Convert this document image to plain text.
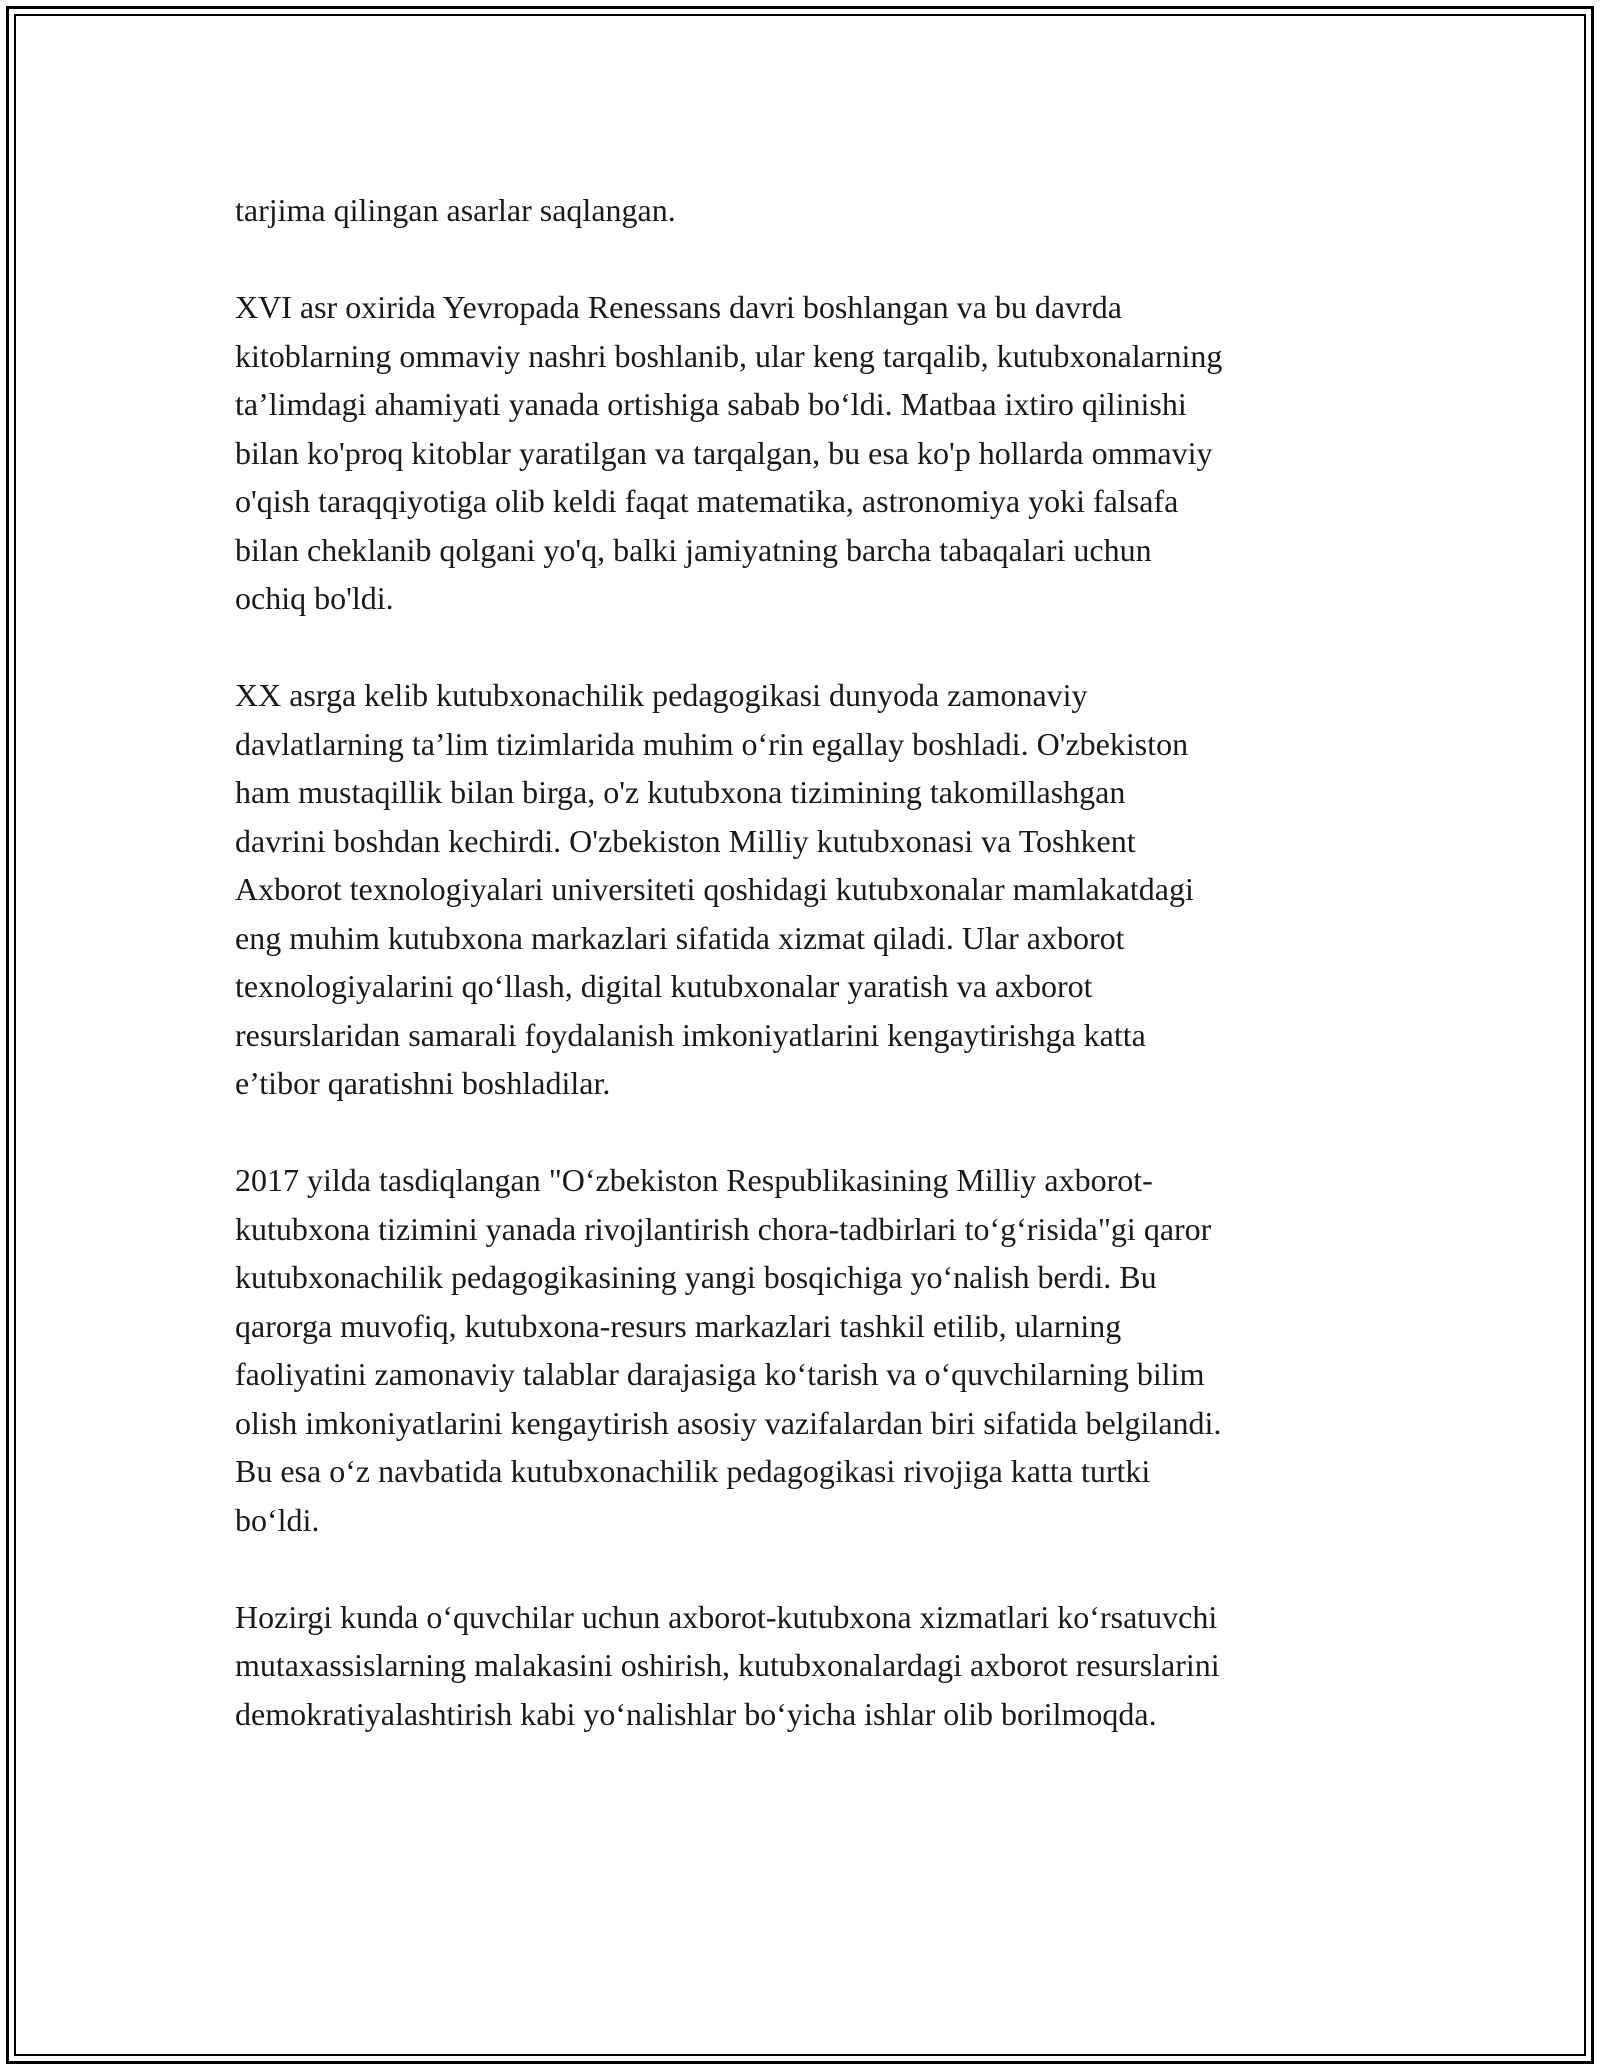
tarjima qilingan asarlar saqlangan.

XVI asr oxirida Yevropada Renessans davri boshlangan va bu davrda
kitoblarning ommaviy nashri boshlanib, ular keng tarqalib, kutubxonalarning
ta’limdagi ahamiyati yanada ortishiga sabab bo‘ldi. Matbaa ixtiro qilinishi
bilan ko'proq kitoblar yaratilgan va tarqalgan, bu esa ko'p hollarda ommaviy
o'qish taraqqiyotiga olib keldi faqat matematika, astronomiya yoki falsafa
bilan cheklanib qolgani yo'q, balki jamiyatning barcha tabaqalari uchun
ochiq bo'ldi.

XX asrga kelib kutubxonachilik pedagogikasi dunyoda zamonaviy
davlatlarning ta’lim tizimlarida muhim o‘rin egallay boshladi. O'zbekiston
ham mustaqillik bilan birga, o'z kutubxona tizimining takomillashgan
davrini boshdan kechirdi. O'zbekiston Milliy kutubxonasi va Toshkent
Axborot texnologiyalari universiteti qoshidagi kutubxonalar mamlakatdagi
eng muhim kutubxona markazlari sifatida xizmat qiladi. Ular axborot
texnologiyalarini qo‘llash, digital kutubxonalar yaratish va axborot
resurslaridan samarali foydalanish imkoniyatlarini kengaytirishga katta
e’tibor qaratishni boshladilar.

2017 yilda tasdiqlangan "O‘zbekiston Respublikasining Milliy axborot-
kutubxona tizimini yanada rivojlantirish chora-tadbirlari to‘g‘risida"gi qaror
kutubxonachilik pedagogikasining yangi bosqichiga yo‘nalish berdi. Bu
qarorga muvofiq, kutubxona-resurs markazlari tashkil etilib, ularning
faoliyatini zamonaviy talablar darajasiga ko‘tarish va o‘quvchilarning bilim
olish imkoniyatlarini kengaytirish asosiy vazifalardan biri sifatida belgilandi.
Bu esa o‘z navbatida kutubxonachilik pedagogikasi rivojiga katta turtki
bo‘ldi.

Hozirgi kunda o‘quvchilar uchun axborot-kutubxona xizmatlari ko‘rsatuvchi
mutaxassislarning malakasini oshirish, kutubxonalardagi axborot resurslarini
demokratiyalashtirish kabi yo‘nalishlar bo‘yicha ishlar olib borilmoqda.
